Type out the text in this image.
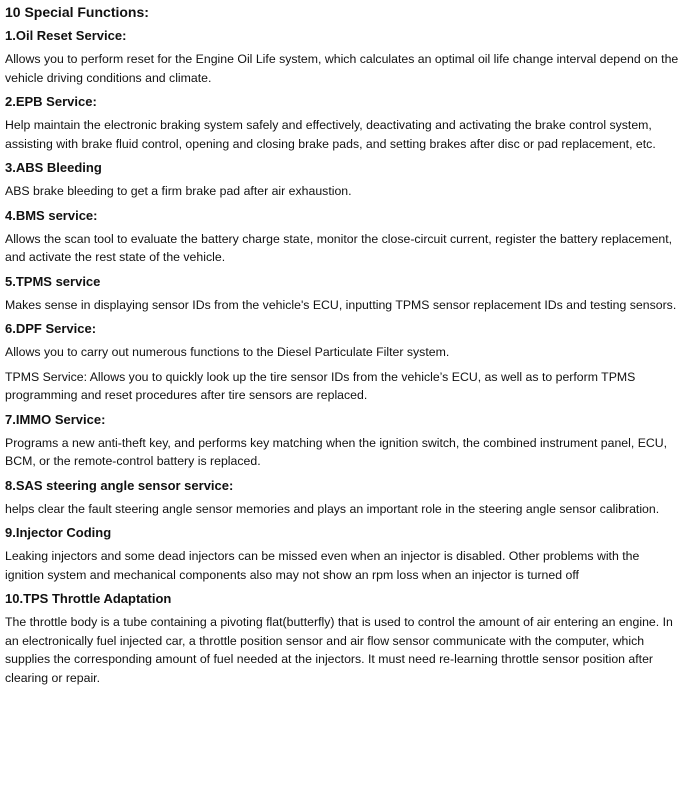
10 Special Functions:
1.Oil Reset Service:
Allows you to perform reset for the Engine Oil Life system, which calculates an optimal oil life change interval depend on the vehicle driving conditions and climate.
2.EPB Service:
Help maintain the electronic braking system safely and effectively, deactivating and activating the brake control system, assisting with brake fluid control, opening and closing brake pads, and setting brakes after disc or pad replacement, etc.
3.ABS Bleeding
ABS brake bleeding to get a firm brake pad after air exhaustion.
4.BMS service:
Allows the scan tool to evaluate the battery charge state, monitor the close-circuit current, register the battery replacement, and activate the rest state of the vehicle.
5.TPMS service
Makes sense in displaying sensor IDs from the vehicle's ECU, inputting TPMS sensor replacement IDs and testing sensors.
6.DPF Service:
Allows you to carry out numerous functions to the Diesel Particulate Filter system.
TPMS Service: Allows you to quickly look up the tire sensor IDs from the vehicle’s ECU, as well as to perform TPMS programming and reset procedures after tire sensors are replaced.
7.IMMO Service:
Programs a new anti-theft key, and performs key matching when the ignition switch, the combined instrument panel, ECU, BCM, or the remote-control battery is replaced.
8.SAS steering angle sensor service:
helps clear the fault steering angle sensor memories and plays an important role in the steering angle sensor calibration.
9.Injector Coding
Leaking injectors and some dead injectors can be missed even when an injector is disabled. Other problems with the ignition system and mechanical components also may not show an rpm loss when an injector is turned off
10.TPS Throttle Adaptation
The throttle body is a tube containing a pivoting flat(butterfly) that is used to control the amount of air entering an engine. In an electronically fuel injected car, a throttle position sensor and air flow sensor communicate with the computer, which supplies the corresponding amount of fuel needed at the injectors. It must need re-learning throttle sensor position after clearing or repair.
